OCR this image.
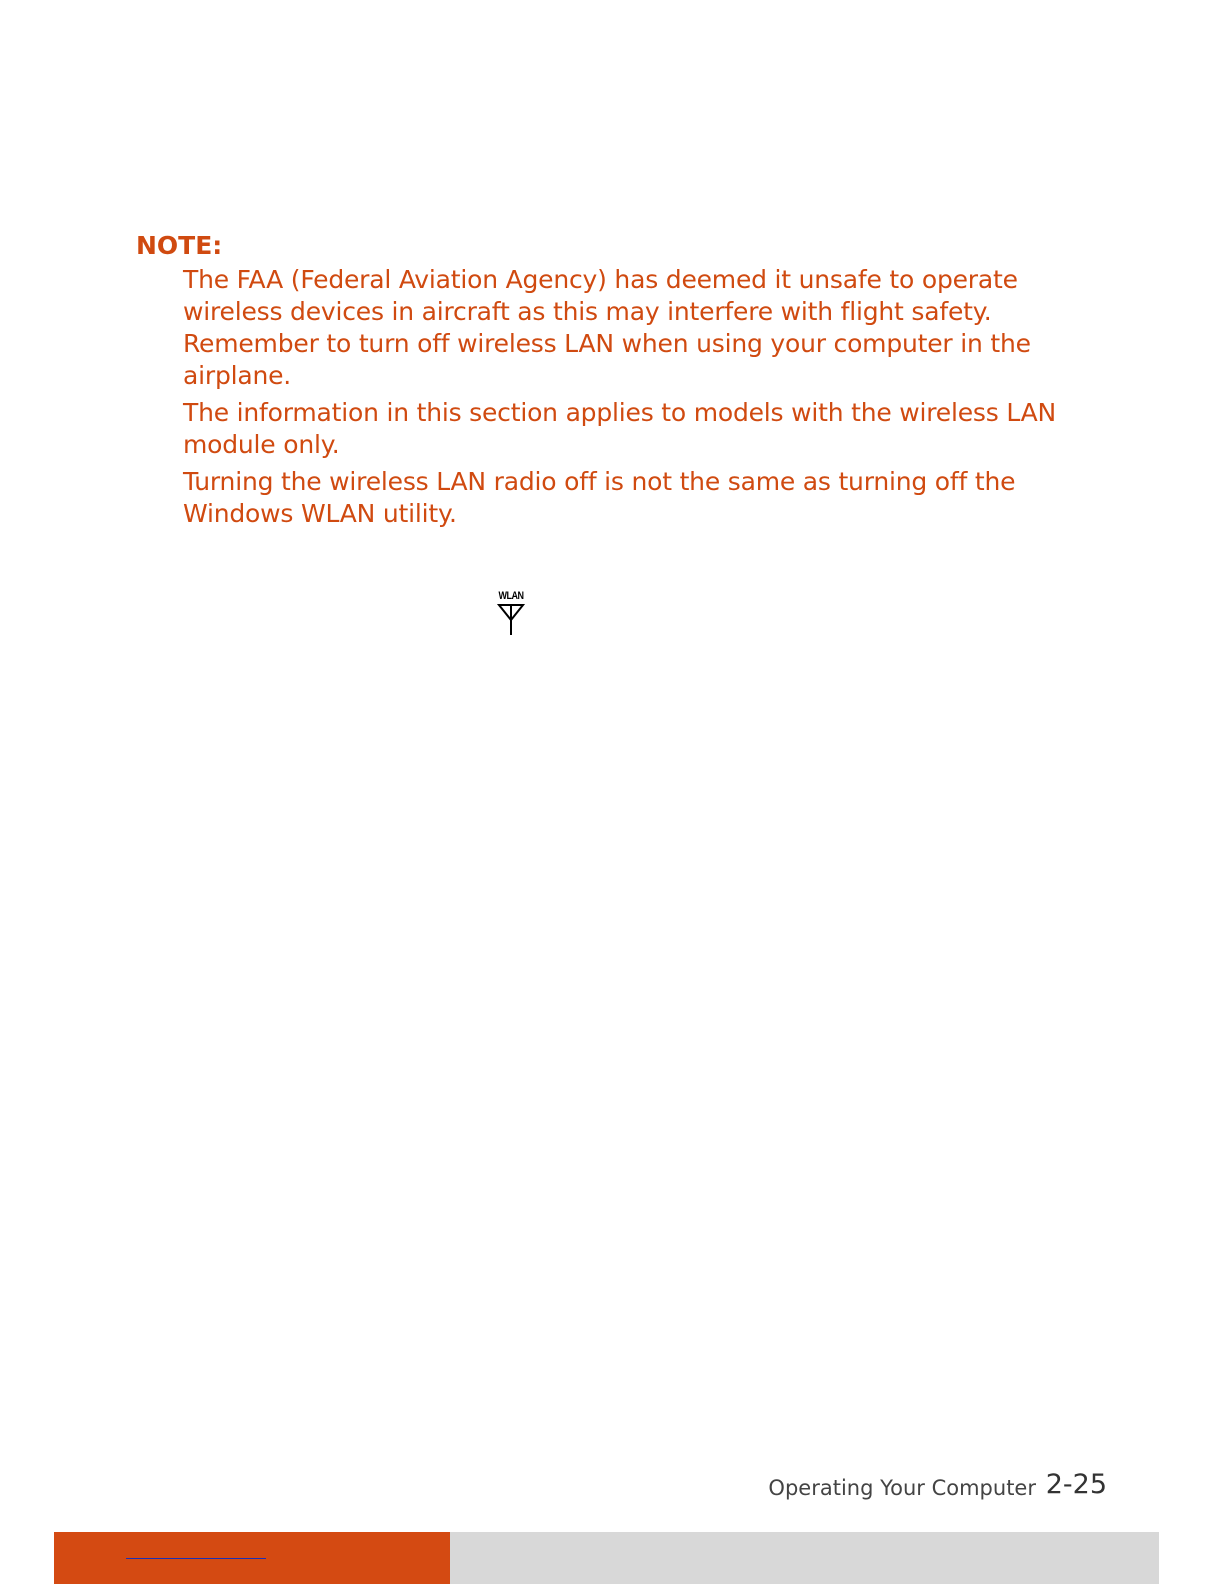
NOTE:

The FAA (Federal Aviation Agency) has deemed it unsafe to operate wireless devices in aircraft as this may interfere with flight safety. Remember to turn off wireless LAN when using your computer in the airplane.

The information in this section applies to models with the wireless LAN module only.

Turning the wireless LAN radio off is not the same as turning off the Windows WLAN utility.

WLAN
Operating Your Computer 2-25
